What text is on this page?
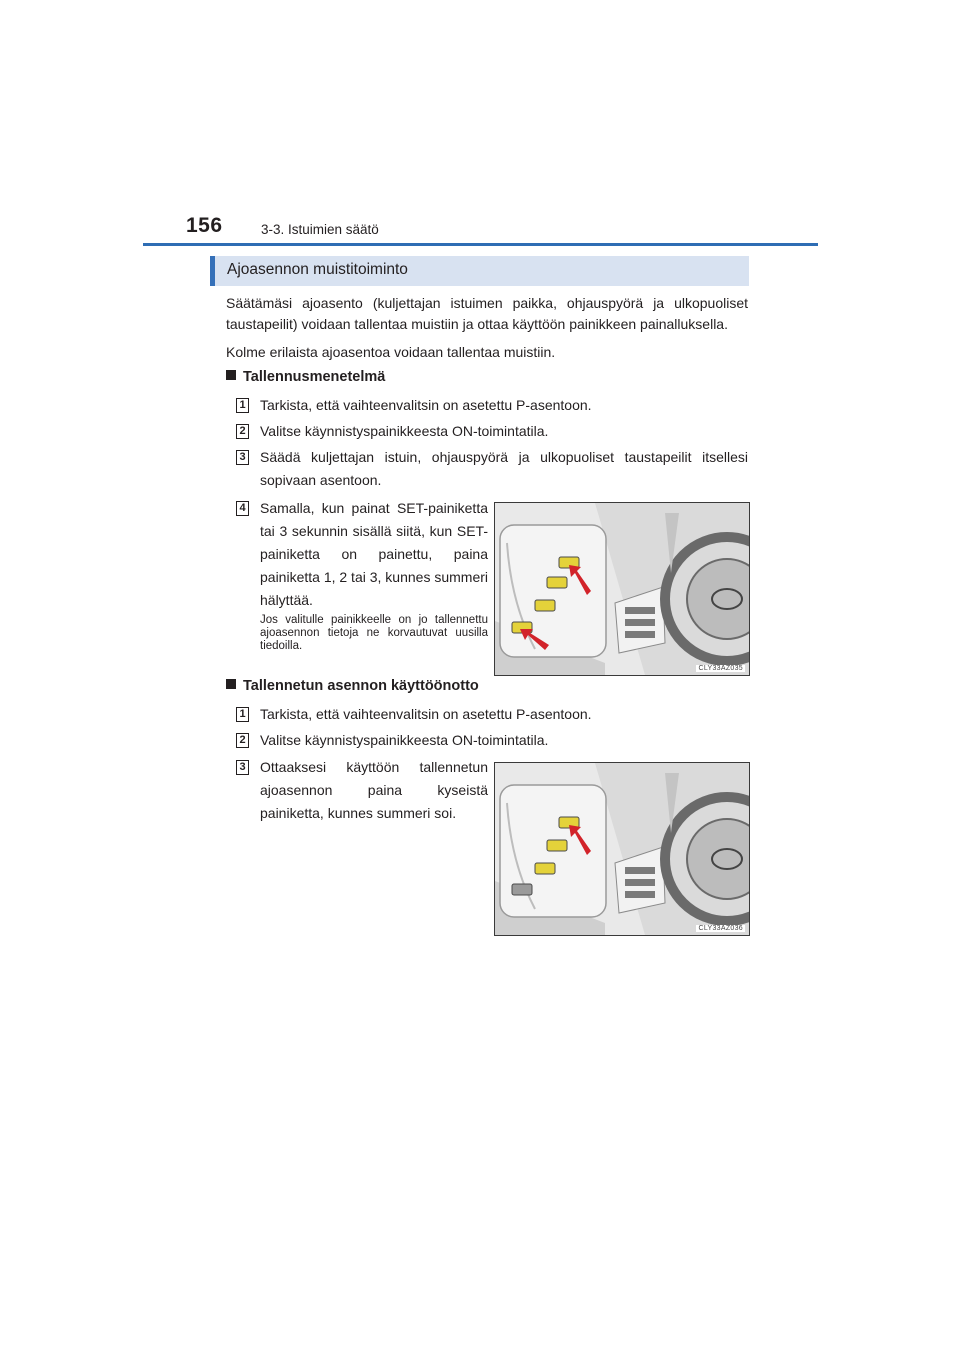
156	3-3. Istuimien säätö
Ajoasennon muistitoiminto
Säätämäsi ajoasento (kuljettajan istuimen paikka, ohjauspyörä ja ulkopuoliset taustapeilit) voidaan tallentaa muistiin ja ottaa käyttöön painikkeen painalluksella.
Kolme erilaista ajoasentoa voidaan tallentaa muistiin.
Tallennusmenetelmä
1 Tarkista, että vaihteenvalitsin on asetettu P-asentoon.
2 Valitse käynnistyspainikkeesta ON-toimintatila.
3 Säädä kuljettajan istuin, ohjauspyörä ja ulkopuoliset taustapeilit itsellesi sopivaan asentoon.
4 Samalla, kun painat SET-painiketta tai 3 sekunnin sisällä siitä, kun SET-painiketta on painettu, paina painiketta 1, 2 tai 3, kunnes summeri hälyttää.
Jos valitulle painikkeelle on jo tallennettu ajoasennon tietoja ne korvautuvat uusilla tiedoilla.
CLY33AZ035
Tallennetun asennon käyttöönotto
1 Tarkista, että vaihteenvalitsin on asetettu P-asentoon.
2 Valitse käynnistyspainikkeesta ON-toimintatila.
3 Ottaaksesi käyttöön tallennetun ajoasennon paina kyseistä painiketta, kunnes summeri soi.
CLY33AZ036
